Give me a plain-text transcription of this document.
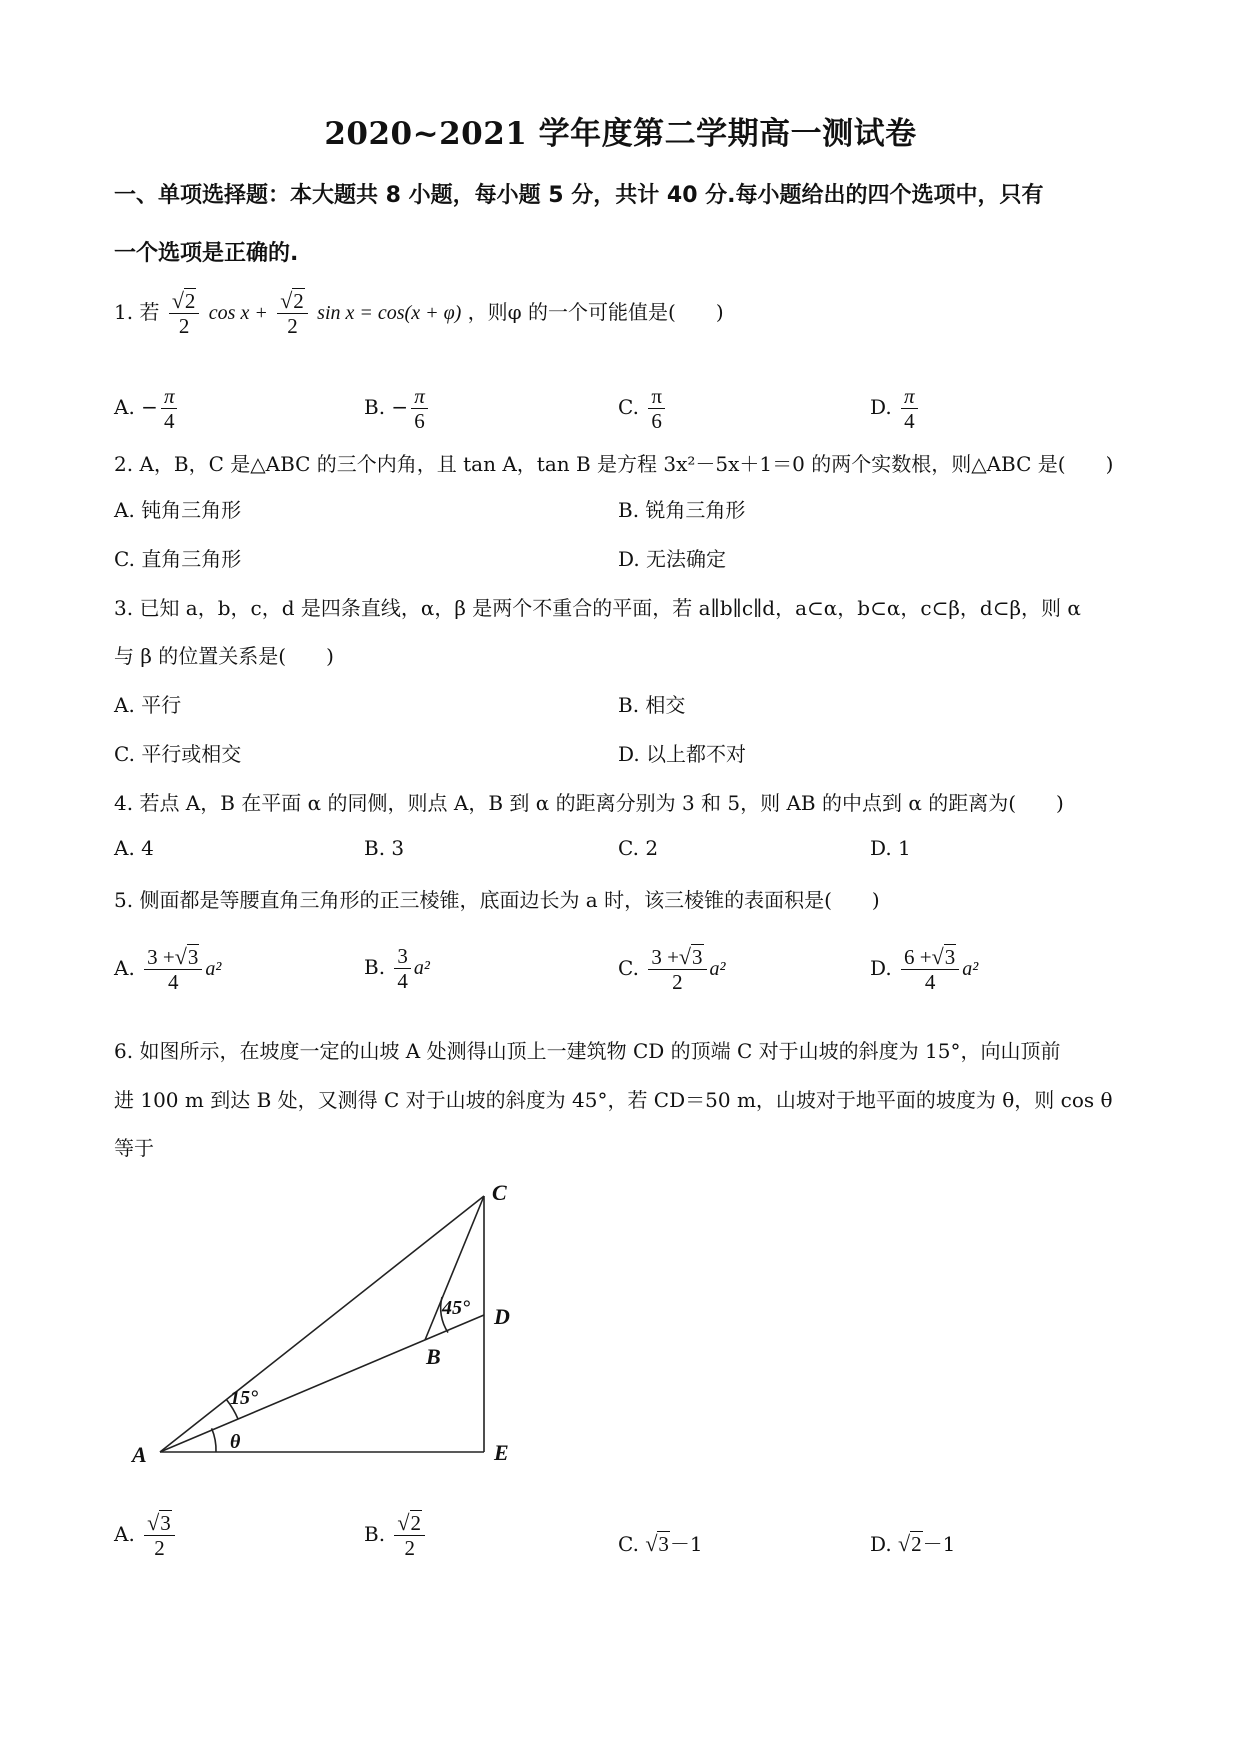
2020~2021 学年度第二学期高一测试卷
一、单项选择题：本大题共 8 小题，每小题 5 分，共计 40 分.每小题给出的四个选项中，只有
一个选项是正确的.
1. 若 $\frac{√2}{2}$ $\cos x + \frac{√2}{2}$ sin x = cos(x + φ) ，则φ 的一个可能值是(　　)
A. − $\frac{\pi}{4}$	B. − $\frac{\pi}{6}$	C. $\frac{\pi}{6}$	D. $\frac{\pi}{4}$
2. A，B，C 是△ABC 的三个内角，且 tan A，tan B 是方程 3x²－5x＋1＝0 的两个实数根，则△ABC 是(　　)
A. 钝角三角形	B. 锐角三角形
C. 直角三角形	D. 无法确定
3. 已知 a，b，c，d 是四条直线，α，β 是两个不重合的平面，若 a∥b∥c∥d，a⊂α，b⊂α，c⊂β，d⊂β，则 α
与 β 的位置关系是(　　)
A. 平行	B. 相交
C. 平行或相交	D. 以上都不对
4. 若点 A，B 在平面 α 的同侧，则点 A，B 到 α 的距离分别为 3 和 5，则 AB 的中点到 α 的距离为(　　)
A. 4	B. 3	C. 2	D. 1
5. 侧面都是等腰直角三角形的正三棱锥，底面边长为 a 时，该三棱锥的表面积是(　　)
A. $\frac{3 +√3}{4} a^2$	B. $\frac{3}{4} a^2$	C. $\frac{3 +√3}{2} a^2$	D. $\frac{6 +√3}{4} a^2$
6. 如图所示，在坡度一定的山坡 A 处测得山顶上一建筑物 CD 的顶端 C 对于山坡的斜度为 15°，向山顶前
进 100 m 到达 B 处，又测得 C 对于山坡的斜度为 45°，若 CD＝50 m，山坡对于地平面的坡度为 θ，则 cos θ
等于
A
B
C
D
E
15°
45°
θ
A. $\frac{√3}{2}$	B. $\frac{√2}{2}$	C. √3－1	D. √2－1
